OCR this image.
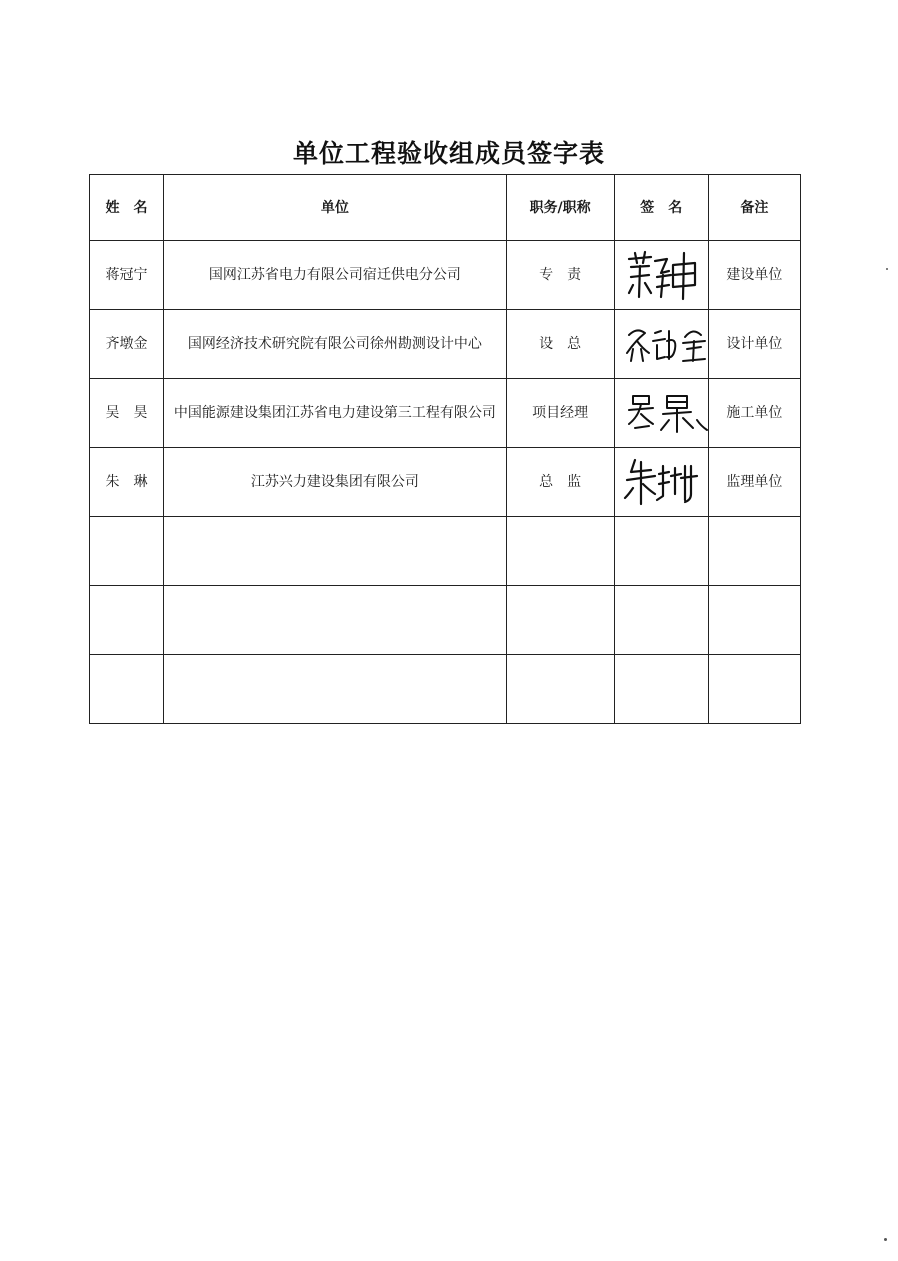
单位工程验收组成员签字表
姓　名	单位	职务/职称	签　名	备注
蒋冠宁	国网江苏省电力有限公司宿迁供电分公司	专　责		建设单位
齐墩金	国网经济技术研究院有限公司徐州勘测设计中心	设　总		设计单位
吴　昊	中国能源建设集团江苏省电力建设第三工程有限公司	项目经理		施工单位
朱　琳	江苏兴力建设集团有限公司	总　监		监理单位
